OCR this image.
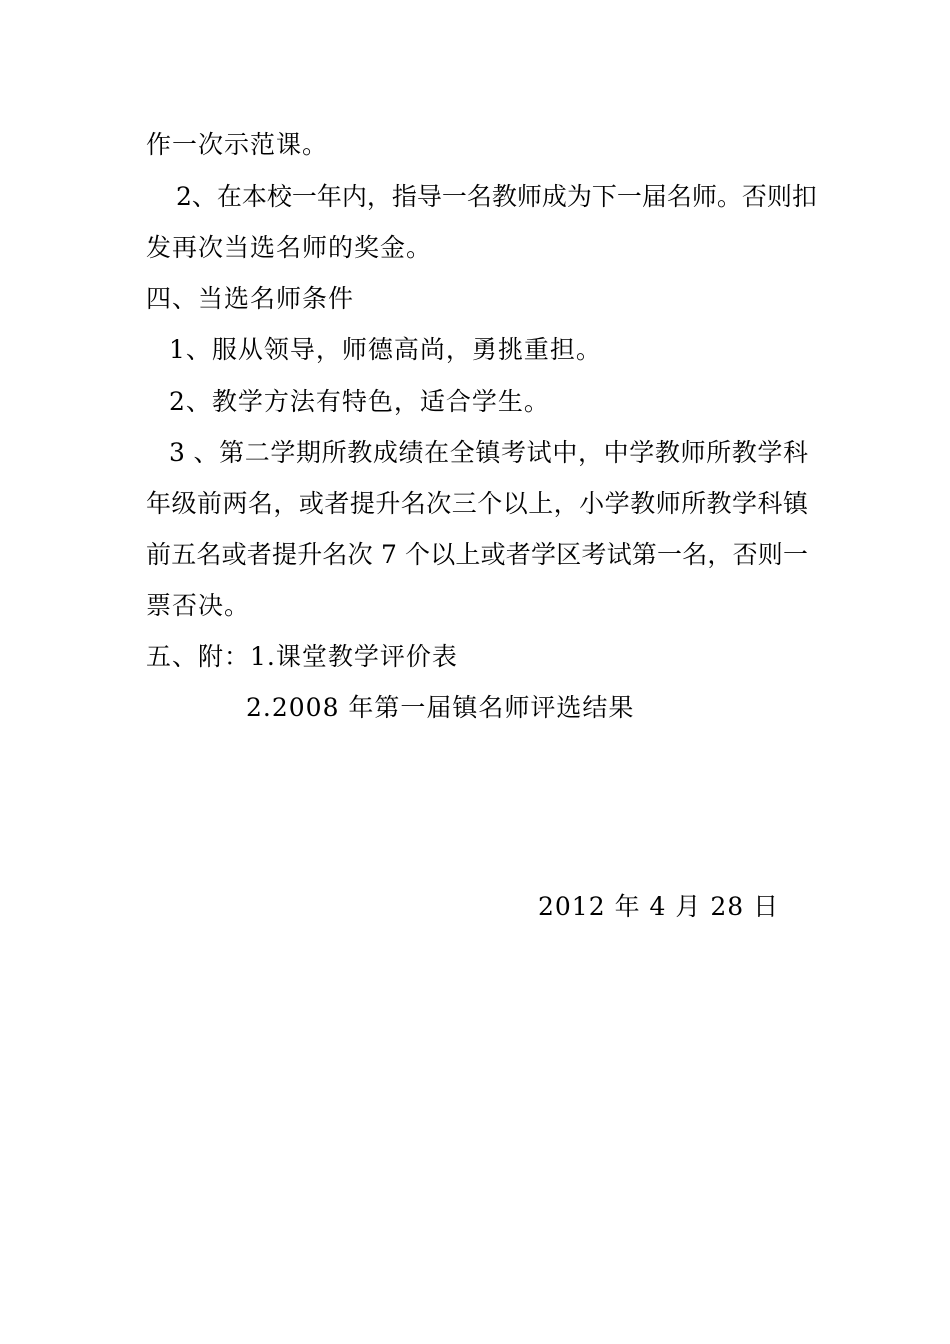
作一次示范课。
2、在本校一年内，指导一名教师成为下一届名师。否则扣
发再次当选名师的奖金。
四、当选名师条件
1、服从领导，师德高尚，勇挑重担。
2、教学方法有特色，适合学生。
3 、第二学期所教成绩在全镇考试中，中学教师所教学科
年级前两名，或者提升名次三个以上，小学教师所教学科镇
前五名或者提升名次 7 个以上或者学区考试第一名，否则一
票否决。
五、附：1.课堂教学评价表
2.2008 年第一届镇名师评选结果
2012 年 4 月 28 日
